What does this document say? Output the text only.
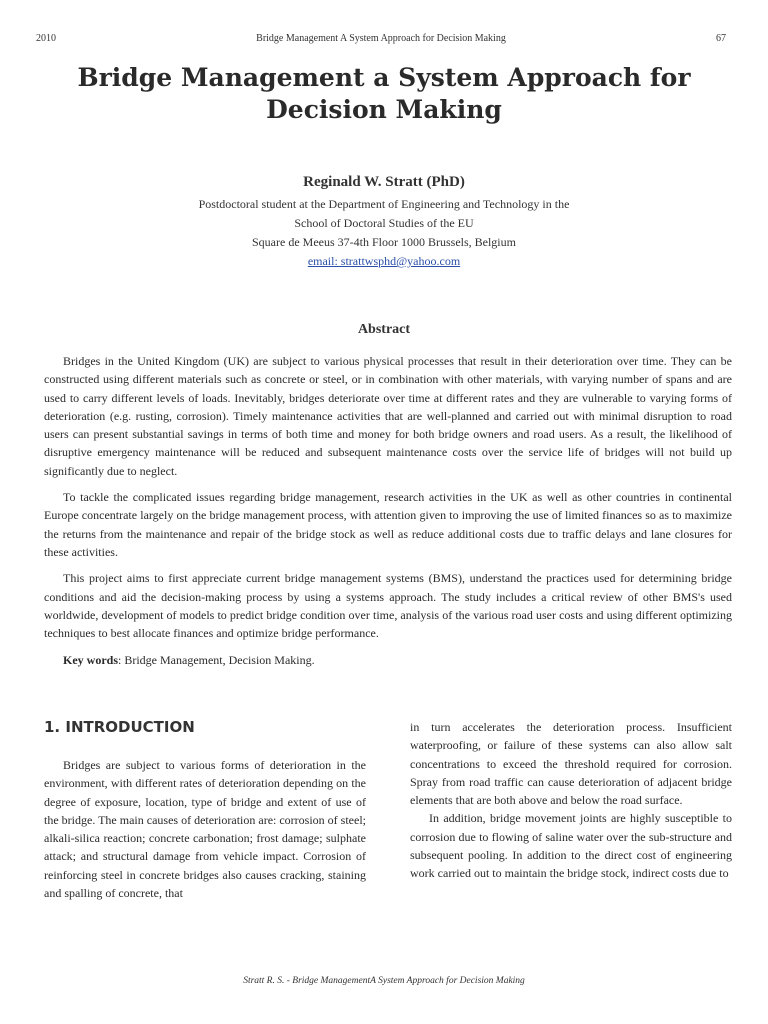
2010	Bridge Management A System Approach for Decision Making	67
Bridge Management a System Approach for Decision Making
Reginald W. Stratt (PhD)
Postdoctoral student at the Department of Engineering and Technology in the
School of Doctoral Studies of the EU
Square de Meeus 37-4th Floor 1000 Brussels, Belgium
email: strattwsphd@yahoo.com
Abstract

Bridges in the United Kingdom (UK) are subject to various physical processes that result in their deterioration over time. They can be constructed using different materials such as concrete or steel, or in combination with other materials, with varying number of spans and are used to carry different levels of loads. Inevitably, bridges deteriorate over time at different rates and they are vulnerable to varying forms of deterioration (e.g. rusting, corrosion). Timely maintenance activities that are well-planned and carried out with minimal disruption to road users can present substantial savings in terms of both time and money for both bridge owners and road users. As a result, the likelihood of disruptive emergency maintenance will be reduced and subsequent maintenance costs over the service life of bridges will not build up significantly due to neglect.

To tackle the complicated issues regarding bridge management, research activities in the UK as well as other countries in continental Europe concentrate largely on the bridge management process, with attention given to improving the use of limited finances so as to maximize the returns from the maintenance and repair of the bridge stock as well as reduce additional costs due to traffic delays and lane closures for these activities.

This project aims to first appreciate current bridge management systems (BMS), understand the practices used for determining bridge conditions and aid the decision-making process by using a systems approach. The study includes a critical review of other BMS's used worldwide, development of models to predict bridge condition over time, analysis of the various road user costs and using different optimizing techniques to best allocate finances and optimize bridge performance.

Key words: Bridge Management, Decision Making.

1. INTRODUCTION

Bridges are subject to various forms of deterioration in the environment, with different rates of deterioration depending on the degree of exposure, location, type of bridge and extent of use of the bridge. The main causes of deterioration are: corrosion of steel; alkali-silica reaction; concrete carbonation; frost damage; sulphate attack; and structural damage from vehicle impact. Corrosion of reinforcing steel in concrete bridges also causes cracking, staining and spalling of concrete, that

in turn accelerates the deterioration process. Insufficient waterproofing, or failure of these systems can also allow salt concentrations to exceed the threshold required for corrosion. Spray from road traffic can cause deterioration of adjacent bridge elements that are both above and below the road surface.

In addition, bridge movement joints are highly susceptible to corrosion due to flowing of saline water over the sub-structure and subsequent pooling. In addition to the direct cost of engineering work carried out to maintain the bridge stock, indirect costs due to

Stratt R. S. - Bridge ManagementA System Approach for Decision Making
